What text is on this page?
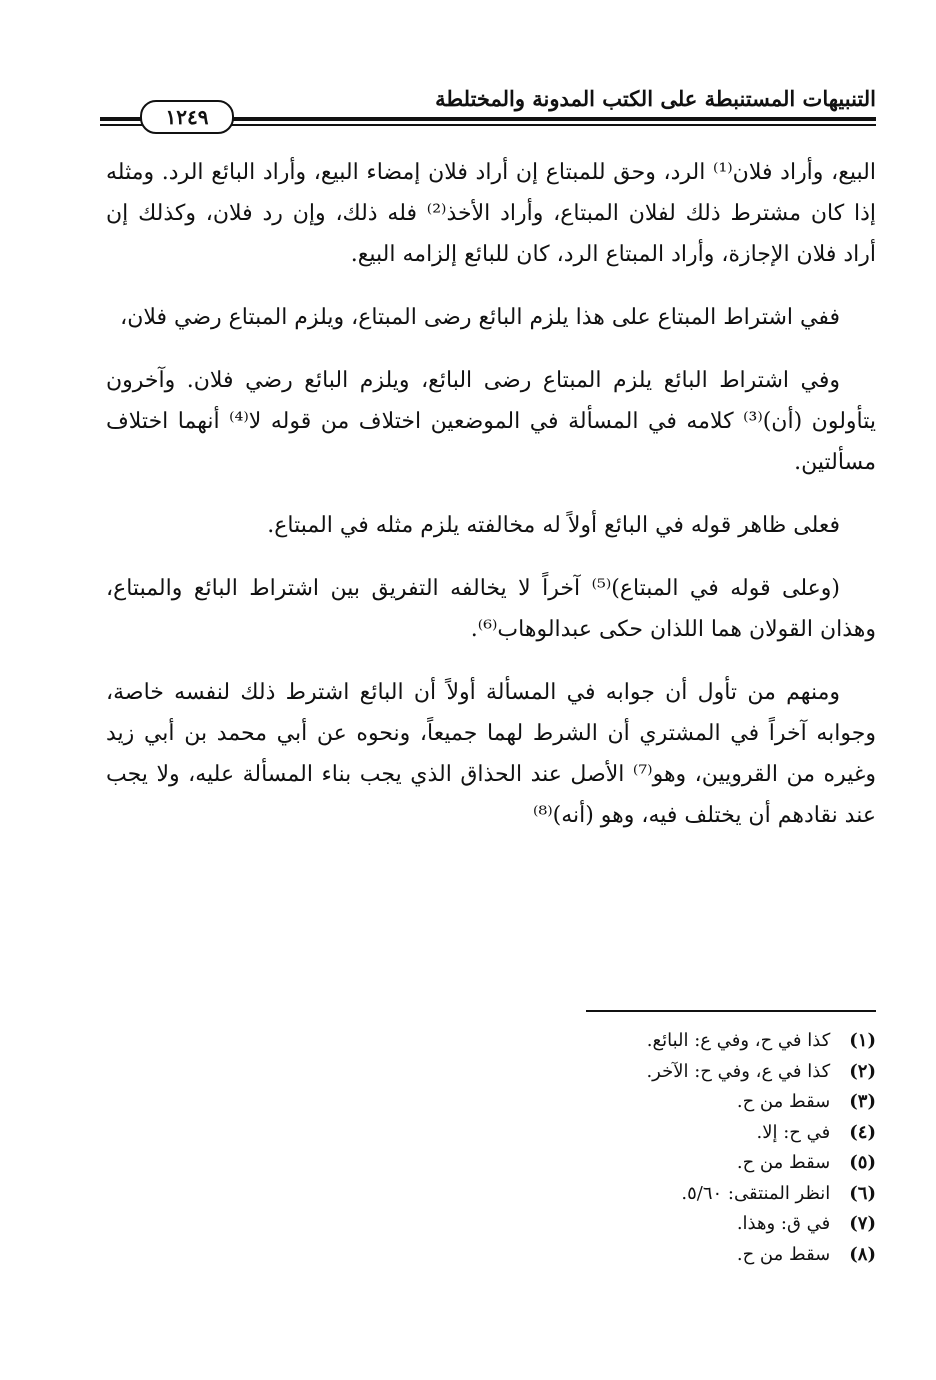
التنبيهات المستنبطة على الكتب المدونة والمختلطة
١٢٤٩

البيع، وأراد فلان⁽¹⁾ الرد، وحق للمبتاع إن أراد فلان إمضاء البيع، وأراد البائع الرد. ومثله إذا كان مشترط ذلك لفلان المبتاع، وأراد الأخذ⁽²⁾ فله ذلك، وإن رد فلان، وكذلك إن أراد فلان الإجازة، وأراد المبتاع الرد، كان للبائع إلزامه البيع.

ففي اشتراط المبتاع على هذا يلزم البائع رضى المبتاع، ويلزم المبتاع رضي فلان،

وفي اشتراط البائع يلزم المبتاع رضى البائع، ويلزم البائع رضي فلان. وآخرون يتأولون (أن)⁽³⁾ كلامه في المسألة في الموضعين اختلاف من قوله لا⁽⁴⁾ أنهما اختلاف مسألتين.

فعلى ظاهر قوله في البائع أولاً له مخالفته يلزم مثله في المبتاع.

(وعلى قوله في المبتاع)⁽⁵⁾ آخراً لا يخالفه التفريق بين اشتراط البائع والمبتاع، وهذان القولان هما اللذان حكى عبدالوهاب⁽⁶⁾.

ومنهم من تأول أن جوابه في المسألة أولاً أن البائع اشترط ذلك لنفسه خاصة، وجوابه آخراً في المشتري أن الشرط لهما جميعاً، ونحوه عن أبي محمد بن أبي زيد وغيره من القرويين، وهو⁽⁷⁾ الأصل عند الحذاق الذي يجب بناء المسألة عليه، ولا يجب عند نقادهم أن يختلف فيه، وهو (أنه)⁽⁸⁾

(١) كذا في ح، وفي ع: البائع.
(٢) كذا في ع، وفي ح: الآخر.
(٣) سقط من ح.
(٤) في ح: إلا.
(٥) سقط من ح.
(٦) انظر المنتقى: ٥/٦٠.
(٧) في ق: وهذا.
(٨) سقط من ح.
